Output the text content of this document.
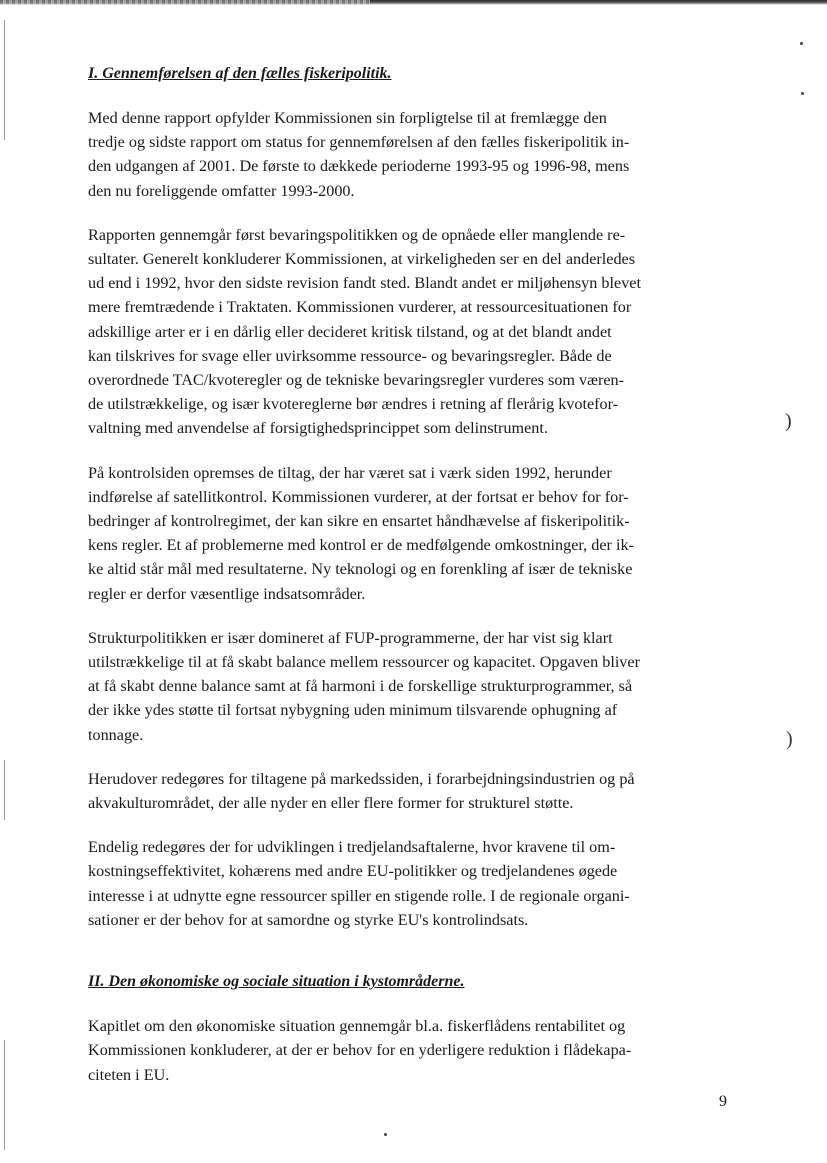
)
)
I. Gennemførelsen af den fælles fiskeripolitik.

Med denne rapport opfylder Kommissionen sin forpligtelse til at fremlægge den
tredje og sidste rapport om status for gennemførelsen af den fælles fiskeripolitik in-
den udgangen af 2001. De første to dækkede perioderne 1993-95 og 1996-98, mens
den nu foreliggende omfatter 1993-2000.

Rapporten gennemgår først bevaringspolitikken og de opnåede eller manglende re-
sultater. Generelt konkluderer Kommissionen, at virkeligheden ser en del anderledes
ud end i 1992, hvor den sidste revision fandt sted. Blandt andet er miljøhensyn blevet
mere fremtrædende i Traktaten. Kommissionen vurderer, at ressourcesituationen for
adskillige arter er i en dårlig eller decideret kritisk tilstand, og at det blandt andet
kan tilskrives for svage eller uvirksomme ressource- og bevaringsregler. Både de
overordnede TAC/kvoteregler og de tekniske bevaringsregler vurderes som væren-
de utilstrækkelige, og især kvotereglerne bør ændres i retning af flerårig kvotefor-
valtning med anvendelse af forsigtighedsprincippet som delinstrument.

På kontrolsiden opremses de tiltag, der har været sat i værk siden 1992, herunder
indførelse af satellitkontrol. Kommissionen vurderer, at der fortsat er behov for for-
bedringer af kontrolregimet, der kan sikre en ensartet håndhævelse af fiskeripolitik-
kens regler. Et af problemerne med kontrol er de medfølgende omkostninger, der ik-
ke altid står mål med resultaterne. Ny teknologi og en forenkling af især de tekniske
regler er derfor væsentlige indsatsområder.

Strukturpolitikken er især domineret af FUP-programmerne, der har vist sig klart
utilstrækkelige til at få skabt balance mellem ressourcer og kapacitet. Opgaven bliver
at få skabt denne balance samt at få harmoni i de forskellige strukturprogrammer, så
der ikke ydes støtte til fortsat nybygning uden minimum tilsvarende ophugning af
tonnage.

Herudover redegøres for tiltagene på markedssiden, i forarbejdningsindustrien og på
akvakulturområdet, der alle nyder en eller flere former for strukturel støtte.

Endelig redegøres der for udviklingen i tredjelandsaftalerne, hvor kravene til om-
kostningseffektivitet, kohærens med andre EU-politikker og tredjelandenes øgede
interesse i at udnytte egne ressourcer spiller en stigende rolle. I de regionale organi-
sationer er der behov for at samordne og styrke EU's kontrolindsats.

II. Den økonomiske og sociale situation i kystområderne.

Kapitlet om den økonomiske situation gennemgår bl.a. fiskerflådens rentabilitet og
Kommissionen konkluderer, at der er behov for en yderligere reduktion i flådekapa-
citeten i EU.

9
